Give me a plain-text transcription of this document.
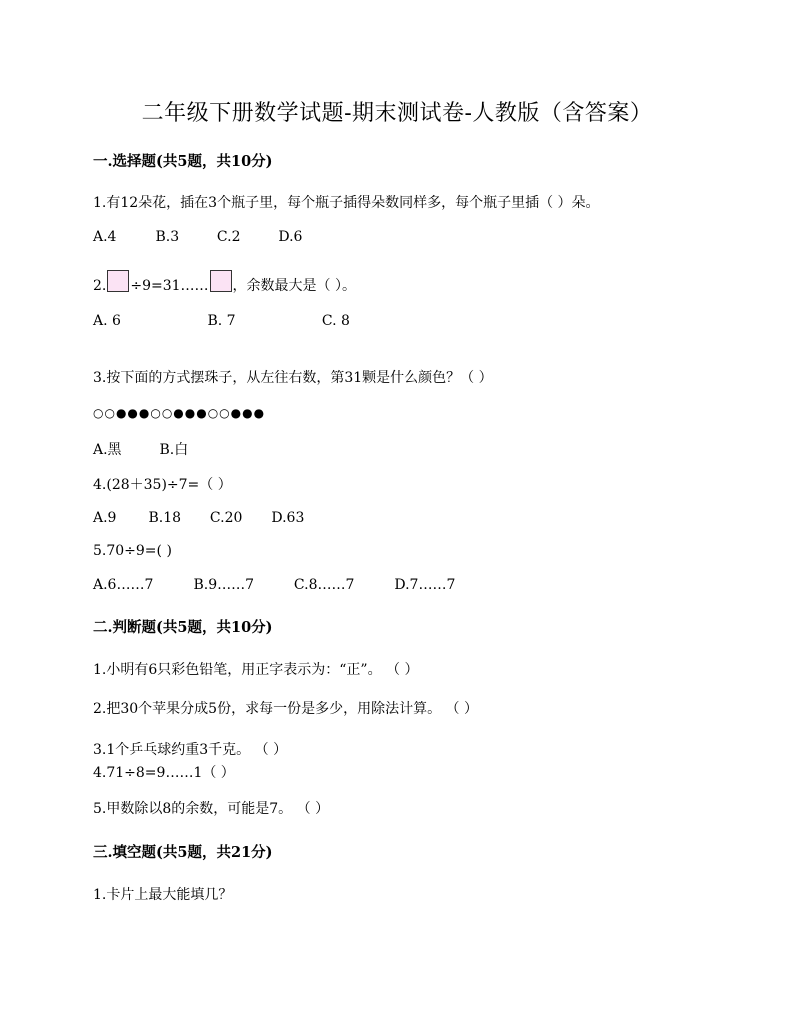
二年级下册数学试题-期末测试卷-人教版（含答案）
一.选择题(共5题，共10分)
1.有12朵花，插在3个瓶子里，每个瓶子插得朵数同样多，每个瓶子里插（ ）朵。
A.4	B.3	C.2	D.6
2. ÷9=31…… ，余数最大是（ ）。
A. 6	B. 7	C. 8
3.按下面的方式摆珠子，从左往右数，第31颗是什么颜色？（ ）
○○●●●○○●●●○○●●●
A.黑	B.白
4.(28＋35)÷7=（ ）
A.9 B.18 C.20 D.63
5.70÷9=( )
A.6……7	B.9……7	C.8……7	D.7……7
二.判断题(共5题，共10分)
1.小明有6只彩色铅笔，用正字表示为：“正”。 （ ）
2.把30个苹果分成5份，求每一份是多少，用除法计算。 （ ）
3.1个乒乓球约重3千克。 （ ）
4.71÷8=9……1（ ）
5.甲数除以8的余数，可能是7。 （ ）
三.填空题(共5题，共21分)
1.卡片上最大能填几？
